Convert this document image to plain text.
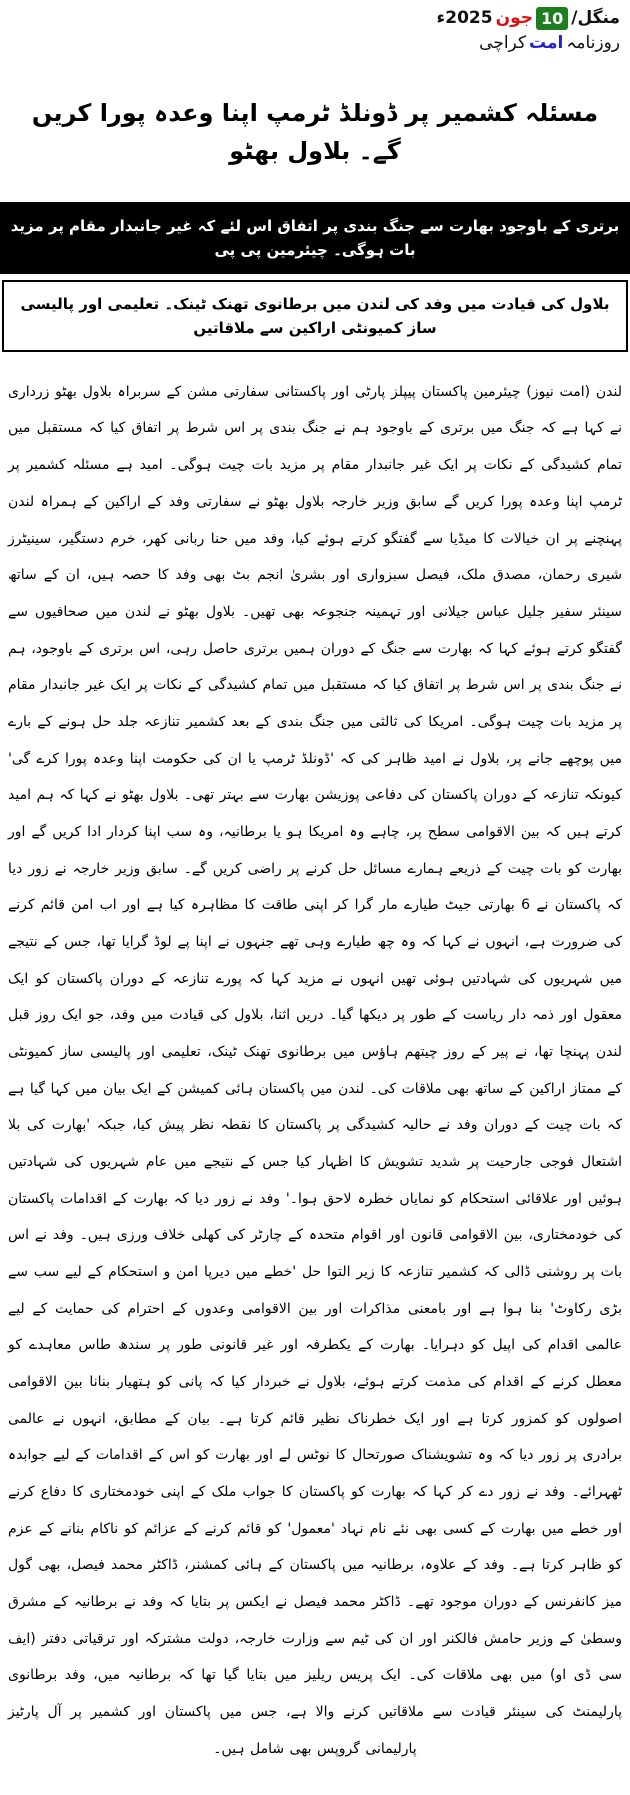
منگل/
10
جون
2025ء
روزنامہ
امت
کراچی
مسئلہ کشمیر پر ڈونلڈ ٹرمپ اپنا وعدہ پورا کریں گے۔ بلاول بھٹو
برتری کے باوجود بھارت سے جنگ بندی پر اتفاق اس لئے کہ غیر جانبدار مقام پر مزید بات ہوگی۔ چیئرمین پی پی
بلاول کی قیادت میں وفد کی لندن میں برطانوی تھنک ٹینک۔ تعلیمی اور پالیسی ساز کمیونٹی اراکین سے ملاقاتیں

لندن (امت نیوز) چیئرمین پاکستان پیپلز پارٹی اور پاکستانی سفارتی مشن کے سربراہ بلاول بھٹو زرداری نے کہا ہے کہ جنگ میں برتری کے باوجود ہم نے جنگ بندی پر اس شرط پر اتفاق کیا کہ مستقبل میں تمام کشیدگی کے نکات پر ایک غیر جانبدار مقام پر مزید بات چیت ہوگی۔ امید ہے مسئلہ کشمیر پر ٹرمپ اپنا وعدہ پورا کریں گے سابق وزیر خارجہ بلاول بھٹو نے سفارتی وفد کے اراکین کے ہمراہ لندن پہنچنے پر ان خیالات کا میڈیا سے گفتگو کرتے ہوئے کیا، وفد میں حنا ربانی کھر، خرم دستگیر، سینیٹرز شیری رحمان، مصدق ملک، فیصل سبزواری اور بشریٰ انجم بٹ بھی وفد کا حصہ ہیں، ان کے ساتھ سینئر سفیر جلیل عباس جیلانی اور تہمینہ جنجوعہ بھی تھیں۔ بلاول بھٹو نے لندن میں صحافیوں سے گفتگو کرتے ہوئے کہا کہ بھارت سے جنگ کے دوران ہمیں برتری حاصل رہی، اس برتری کے باوجود، ہم نے جنگ بندی پر اس شرط پر اتفاق کیا کہ مستقبل میں تمام کشیدگی کے نکات پر ایک غیر جانبدار مقام پر مزید بات چیت ہوگی۔ امریکا کی ثالثی میں جنگ بندی کے بعد کشمیر تنازعہ جلد حل ہونے کے بارے میں پوچھے جانے پر، بلاول نے امید ظاہر کی کہ 'ڈونلڈ ٹرمپ یا ان کی حکومت اپنا وعدہ پورا کرے گی' کیونکہ تنازعہ کے دوران پاکستان کی دفاعی پوزیشن بھارت سے بہتر تھی۔ بلاول بھٹو نے کہا کہ ہم امید کرتے ہیں کہ بین الاقوامی سطح پر، چاہے وہ امریکا ہو یا برطانیہ، وہ سب اپنا کردار ادا کریں گے اور بھارت کو بات چیت کے ذریعے ہمارے مسائل حل کرنے پر راضی کریں گے۔ سابق وزیر خارجہ نے زور دیا کہ پاکستان نے 6 بھارتی جیٹ طیارے مار گرا کر اپنی طاقت کا مظاہرہ کیا ہے اور اب امن قائم کرنے کی ضرورت ہے، انہوں نے کہا کہ وہ چھ طیارے وہی تھے جنہوں نے اپنا پے لوڈ گرایا تھا، جس کے نتیجے میں شہریوں کی شہادتیں ہوئی تھیں انہوں نے مزید کہا کہ پورے تنازعہ کے دوران پاکستان کو ایک معقول اور ذمہ دار ریاست کے طور پر دیکھا گیا۔ دریں اثنا، بلاول کی قیادت میں وفد، جو ایک روز قبل لندن پہنچا تھا، نے پیر کے روز چیتھم ہاؤس میں برطانوی تھنک ٹینک، تعلیمی اور پالیسی ساز کمیونٹی کے ممتاز اراکین کے ساتھ بھی ملاقات کی۔ لندن میں پاکستان ہائی کمیشن کے ایک بیان میں کہا گیا ہے کہ بات چیت کے دوران وفد نے حالیہ کشیدگی پر پاکستان کا نقطہ نظر پیش کیا، جبکہ 'بھارت کی بلا اشتعال فوجی جارحیت پر شدید تشویش کا اظہار کیا جس کے نتیجے میں عام شہریوں کی شہادتیں ہوئیں اور علاقائی استحکام کو نمایاں خطرہ لاحق ہوا۔' وفد نے زور دیا کہ بھارت کے اقدامات پاکستان کی خودمختاری، بین الاقوامی قانون اور اقوام متحدہ کے چارٹر کی کھلی خلاف ورزی ہیں۔ وفد نے اس بات پر روشنی ڈالی کہ کشمیر تنازعہ کا زیر التوا حل 'خطے میں دیرپا امن و استحکام کے لیے سب سے بڑی رکاوٹ' بنا ہوا ہے اور بامعنی مذاکرات اور بین الاقوامی وعدوں کے احترام کی حمایت کے لیے عالمی اقدام کی اپیل کو دہرایا۔ بھارت کے یکطرفہ اور غیر قانونی طور پر سندھ طاس معاہدے کو معطل کرنے کے اقدام کی مذمت کرتے ہوئے، بلاول نے خبردار کیا کہ پانی کو ہتھیار بنانا بین الاقوامی اصولوں کو کمزور کرتا ہے اور ایک خطرناک نظیر قائم کرتا ہے۔ بیان کے مطابق، انہوں نے عالمی برادری پر زور دیا کہ وہ تشویشناک صورتحال کا نوٹس لے اور بھارت کو اس کے اقدامات کے لیے جوابدہ ٹھہرائے۔ وفد نے زور دے کر کہا کہ بھارت کو پاکستان کا جواب ملک کے اپنی خودمختاری کا دفاع کرنے اور خطے میں بھارت کے کسی بھی نئے نام نہاد 'معمول' کو قائم کرنے کے عزائم کو ناکام بنانے کے عزم کو ظاہر کرتا ہے۔ وفد کے علاوہ، برطانیہ میں پاکستان کے ہائی کمشنر، ڈاکٹر محمد فیصل، بھی گول میز کانفرنس کے دوران موجود تھے۔ ڈاکٹر محمد فیصل نے ایکس پر بتایا کہ وفد نے برطانیہ کے مشرق وسطیٰ کے وزیر حامش فالکنر اور ان کی ٹیم سے وزارت خارجہ، دولت مشترکہ اور ترقیاتی دفتر (ایف سی ڈی او) میں بھی ملاقات کی۔ ایک پریس ریلیز میں بتایا گیا تھا کہ برطانیہ میں، وفد برطانوی پارلیمنٹ کی سینئر قیادت سے ملاقاتیں کرنے والا ہے، جس میں پاکستان اور کشمیر پر آل پارٹیز پارلیمانی گروپس بھی شامل ہیں۔
